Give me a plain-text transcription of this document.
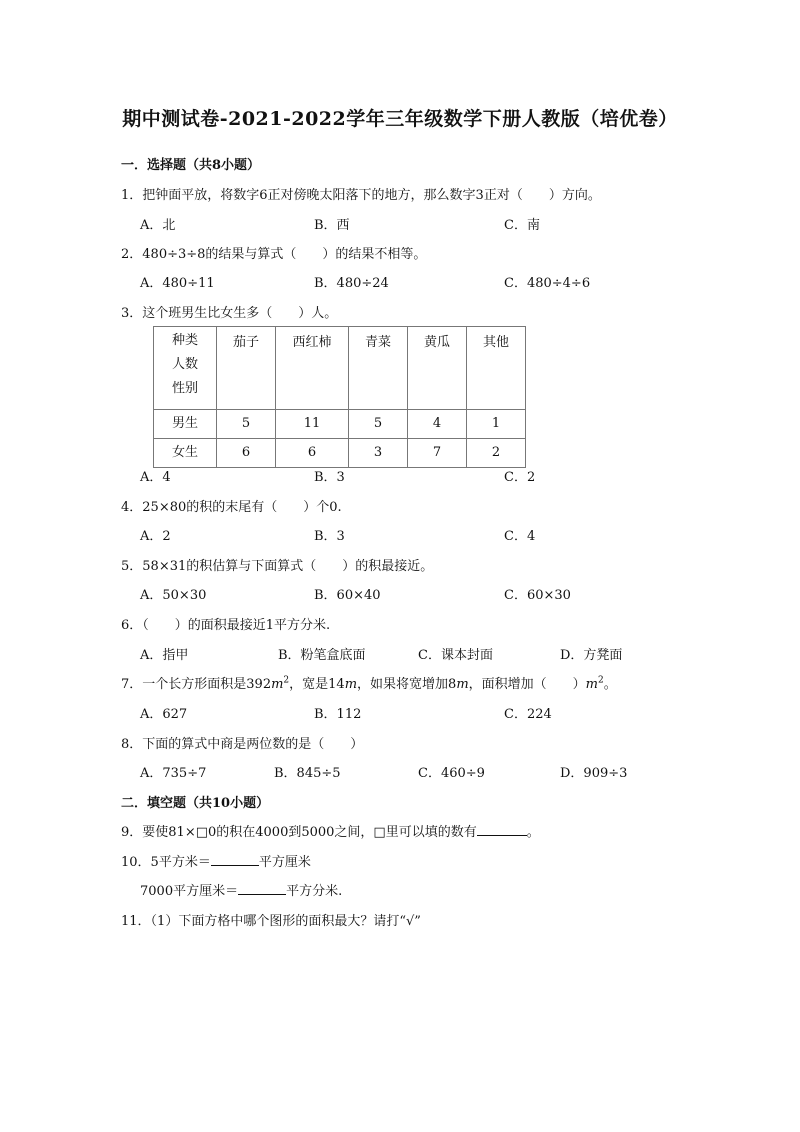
期中测试卷-2021-2022学年三年级数学下册人教版（培优卷）
一．选择题（共8小题）
1．把钟面平放，将数字6正对傍晚太阳落下的地方，那么数字3正对（　　）方向。
A．北	B．西	C．南
2．480÷3÷8的结果与算式（　　）的结果不相等。
A．480÷11	B．480÷24	C．480÷4÷6
3．这个班男生比女生多（　　）人。
种类
人数
性别	茄子	西红柿	青菜	黄瓜	其他
男生	5	11	5	4	1
女生	6	6	3	7	2
A．4	B．3	C．2
4．25×80的积的末尾有（　　）个0.
A．2	B．3	C．4
5．58×31的积估算与下面算式（　　）的积最接近。
A．50×30	B．60×40	C．60×30
6．（　　）的面积最接近1平方分米.
A．指甲	B．粉笔盒底面	C．课本封面	D．方凳面
7．一个长方形面积是$392m^2$，宽是14m，如果将宽增加8m，面积增加（　　）$m^2$。
A．627	B．112	C．224
8．下面的算式中商是两位数的是（　　）
A．735÷7	B．845÷5	C．460÷9	D．909÷3
二．填空题（共10小题）
9．要使81×□0的积在4000到5000之间，□里可以填的数有	。
10．5平方米＝	平方厘米
7000平方厘米＝	平方分米.
11．（1）下面方格中哪个图形的面积最大？请打“√”
